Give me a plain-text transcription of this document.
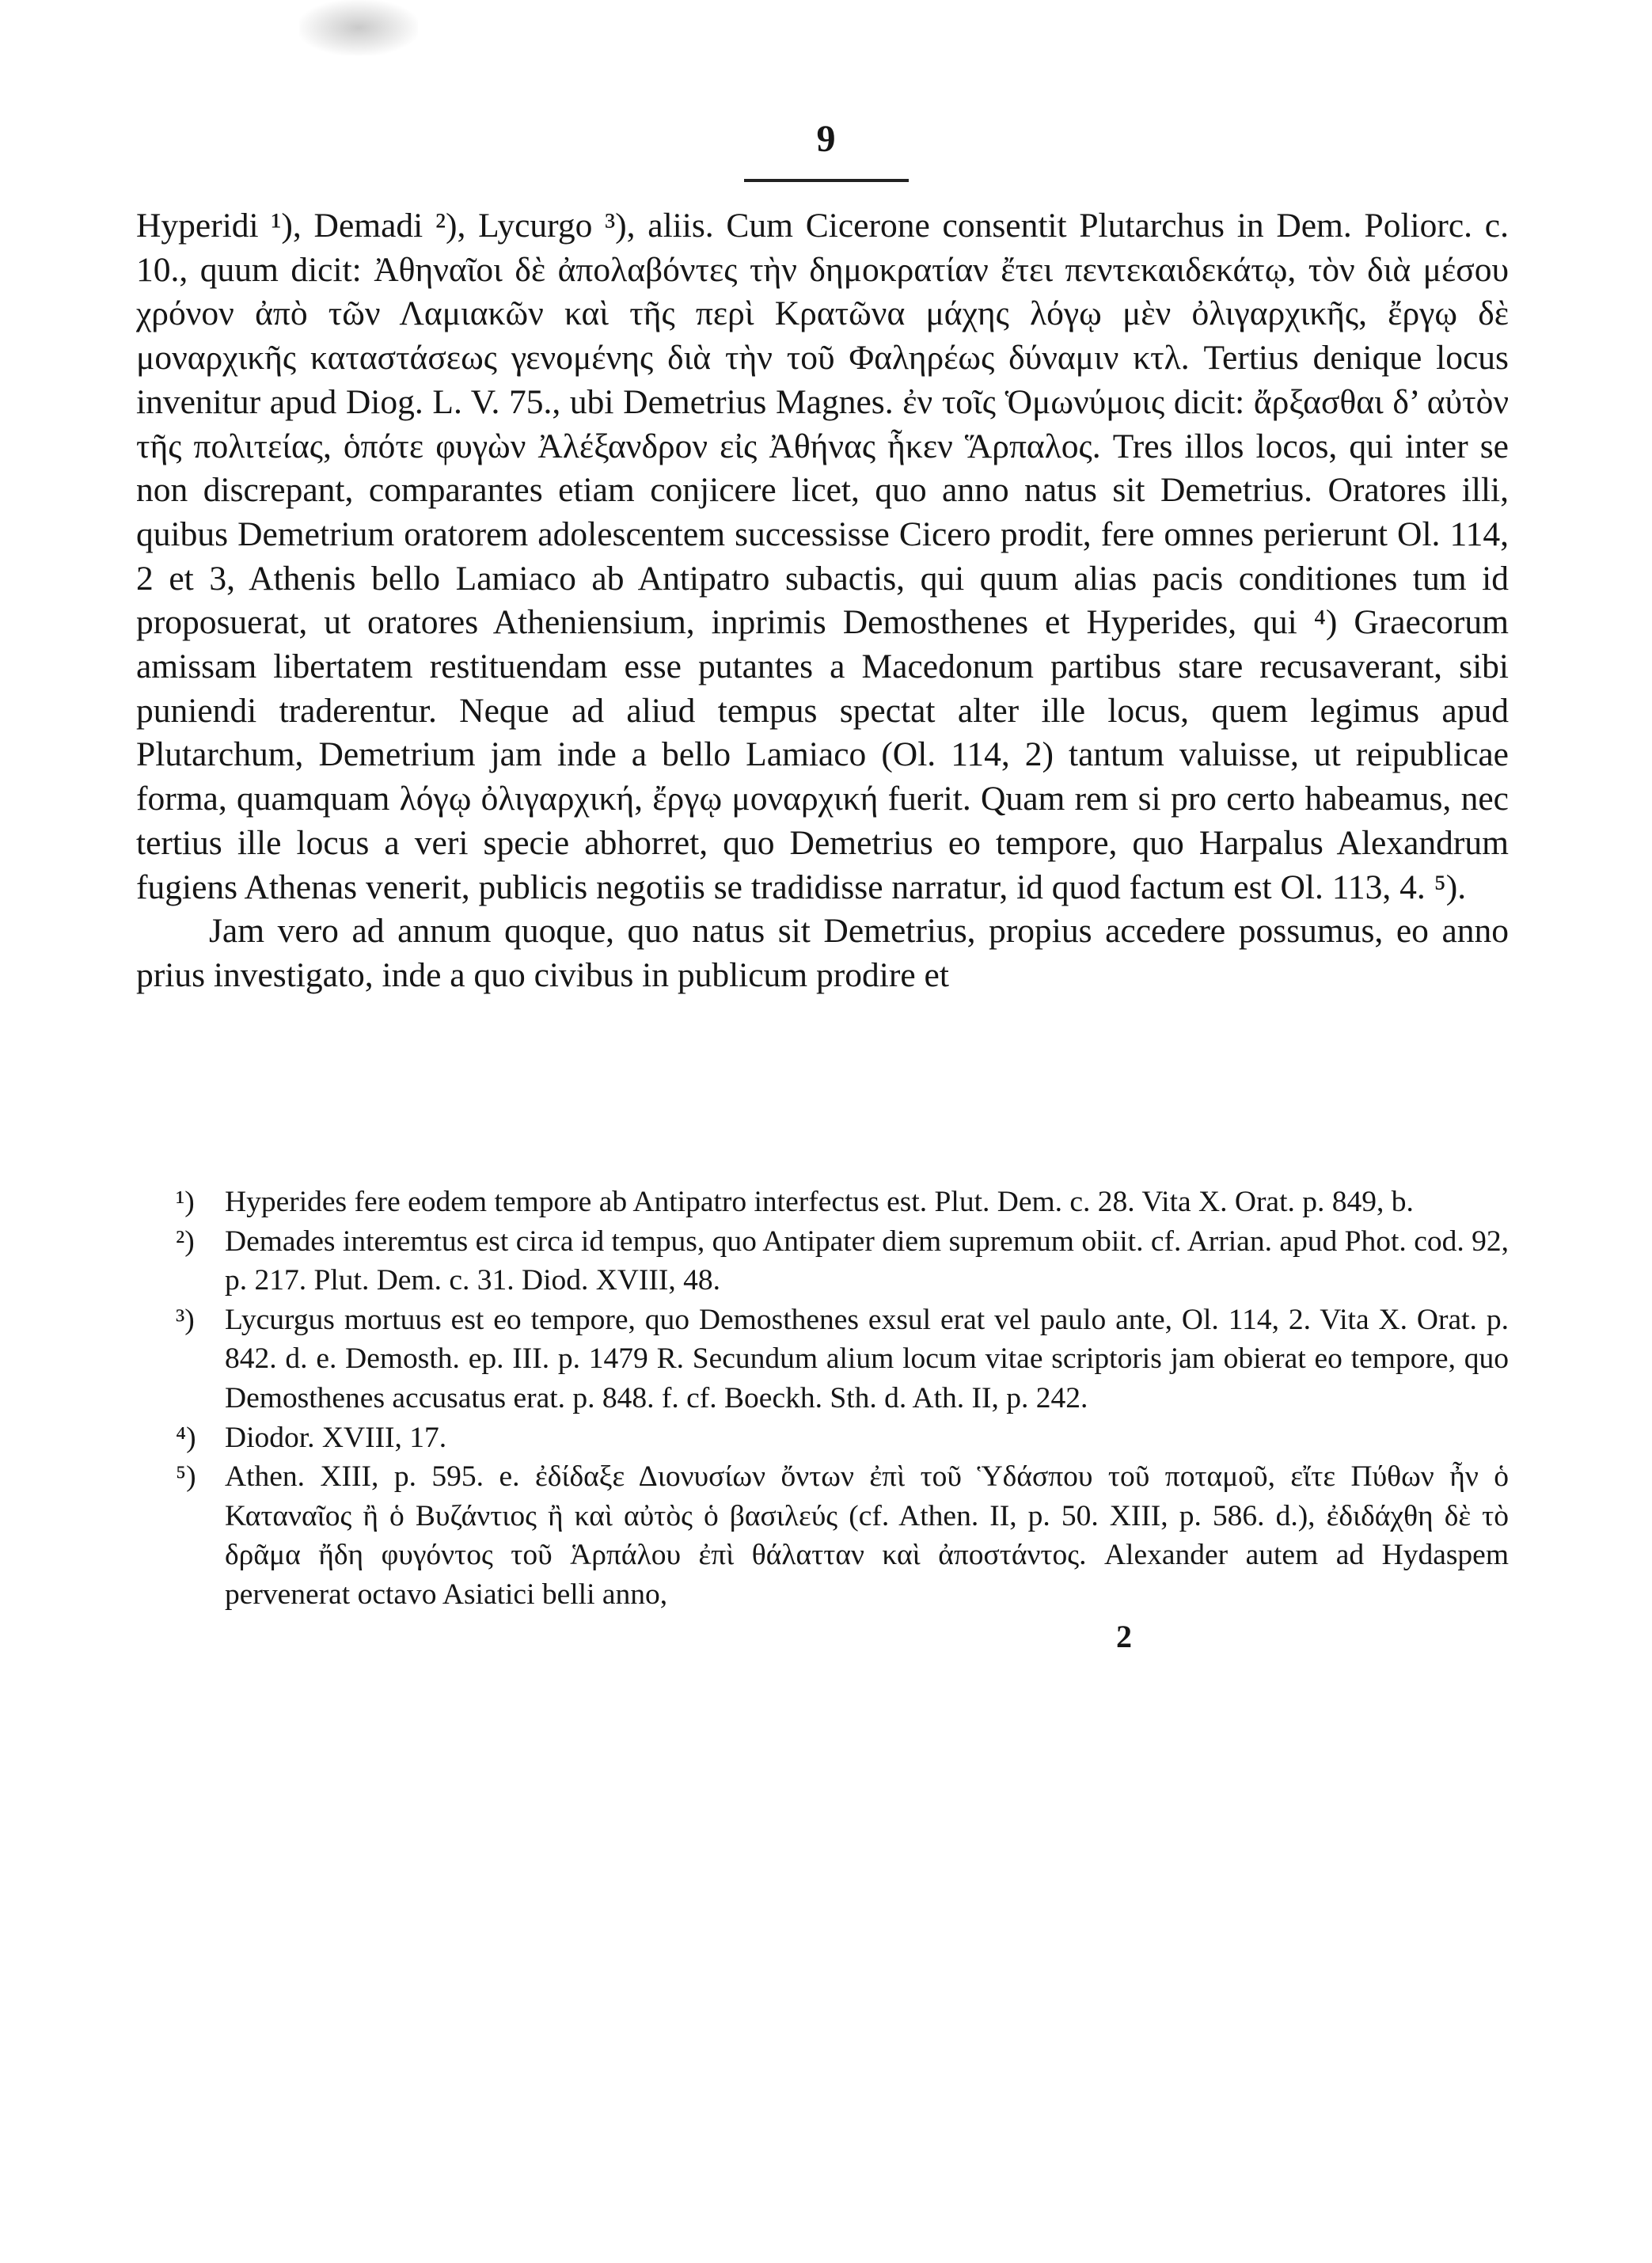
9

Hyperidi ¹), Demadi ²), Lycurgo ³), aliis. Cum Cicerone consentit Plutarchus in Dem. Poliorc. c. 10., quum dicit: Ἀθηναῖοι δὲ ἀπολαβόντες τὴν δημοκρατίαν ἔτει πεντεκαιδεκάτῳ, τὸν διὰ μέσου χρόνον ἀπὸ τῶν Λαμιακῶν καὶ τῆς περὶ Κρατῶνα μάχης λόγῳ μὲν ὀλιγαρχικῆς, ἔργῳ δὲ μοναρχικῆς καταστάσεως γενομένης διὰ τὴν τοῦ Φαληρέως δύναμιν κτλ. Tertius denique locus invenitur apud Diog. L. V. 75., ubi Demetrius Magnes. ἐν τοῖς Ὁμωνύμοις dicit: ἄρξασθαι δ’ αὐτὸν τῆς πολιτείας, ὁπότε φυγὼν Ἀλέξανδρον εἰς Ἀθήνας ἧκεν Ἅρπαλος. Tres illos locos, qui inter se non discrepant, comparantes etiam conjicere licet, quo anno natus sit Demetrius. Oratores illi, quibus Demetrium oratorem adolescentem successisse Cicero prodit, fere omnes perierunt Ol. 114, 2 et 3, Athenis bello Lamiaco ab Antipatro subactis, qui quum alias pacis conditiones tum id proposuerat, ut oratores Atheniensium, inprimis Demosthenes et Hyperides, qui ⁴) Graecorum amissam libertatem restituendam esse putantes a Macedonum partibus stare recusaverant, sibi puniendi traderentur. Neque ad aliud tempus spectat alter ille locus, quem legimus apud Plutarchum, Demetrium jam inde a bello Lamiaco (Ol. 114, 2) tantum valuisse, ut reipublicae forma, quamquam λόγῳ ὀλιγαρχική, ἔργῳ μοναρχική fuerit. Quam rem si pro certo habeamus, nec tertius ille locus a veri specie abhorret, quo Demetrius eo tempore, quo Harpalus Alexandrum fugiens Athenas venerit, publicis negotiis se tradidisse narratur, id quod factum est Ol. 113, 4. ⁵).

Jam vero ad annum quoque, quo natus sit Demetrius, propius accedere possumus, eo anno prius investigato, inde a quo civibus in publicum prodire et

¹) Hyperides fere eodem tempore ab Antipatro interfectus est. Plut. Dem. c. 28. Vita X. Orat. p. 849, b.
²) Demades interemtus est circa id tempus, quo Antipater diem supremum obiit. cf. Arrian. apud Phot. cod. 92, p. 217. Plut. Dem. c. 31. Diod. XVIII, 48.
³) Lycurgus mortuus est eo tempore, quo Demosthenes exsul erat vel paulo ante, Ol. 114, 2. Vita X. Orat. p. 842. d. e. Demosth. ep. III. p. 1479 R. Secundum alium locum vitae scriptoris jam obierat eo tempore, quo Demosthenes accusatus erat. p. 848. f. cf. Boeckh. Sth. d. Ath. II, p. 242.
⁴) Diodor. XVIII, 17.
⁵) Athen. XIII, p. 595. e. ἐδίδαξε Διονυσίων ὄντων ἐπὶ τοῦ Ὑδάσπου τοῦ ποταμοῦ, εἴτε Πύθων ἦν ὁ Καταναῖος ἢ ὁ Βυζάντιος ἢ καὶ αὐτὸς ὁ βασιλεύς (cf. Athen. II, p. 50. XIII, p. 586. d.), ἐδιδάχθη δὲ τὸ δρᾶμα ἤδη φυγόντος τοῦ Ἁρπάλου ἐπὶ θάλατταν καὶ ἀποστάντος. Alexander autem ad Hydaspem pervenerat octavo Asiatici belli anno,
2
